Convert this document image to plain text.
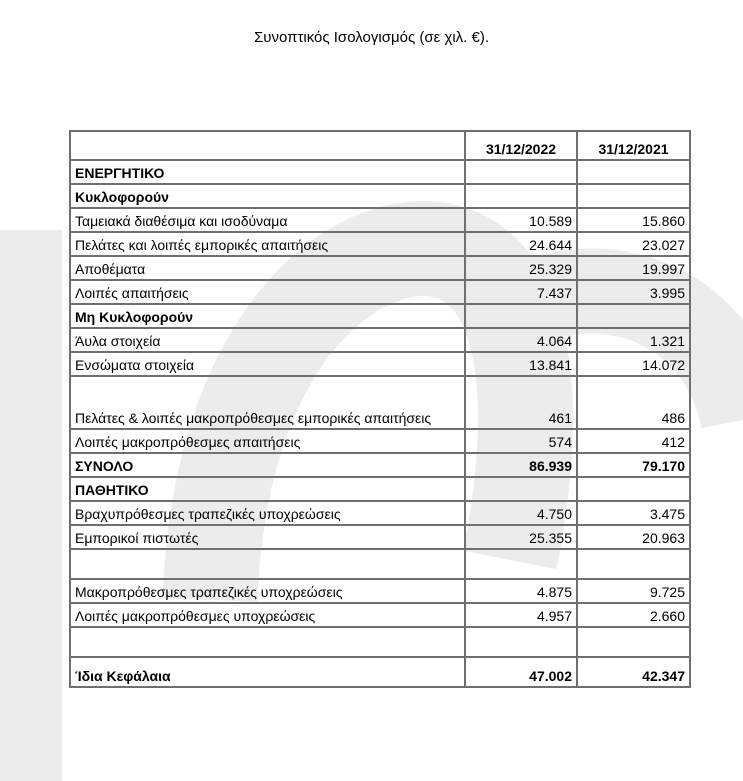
Συνοπτικός Ισολογισμός (σε χιλ. €).
	31/12/2022	31/12/2021
ΕΝΕΡΓΗΤΙΚΟ		
Κυκλοφορούν		
Ταμειακά διαθέσιμα και ισοδύναμα	10.589	15.860
Πελάτες και λοιπές εμπορικές απαιτήσεις	24.644	23.027
Αποθέματα	25.329	19.997
Λοιπές απαιτήσεις	7.437	3.995
Μη Κυκλοφορούν		
Άυλα στοιχεία	4.064	1.321
Ενσώματα στοιχεία	13.841	14.072
Πελάτες & λοιπές μακροπρόθεσμες εμπορικές απαιτήσεις	461	486
Λοιπές μακροπρόθεσμες απαιτήσεις	574	412
ΣΥΝΟΛΟ	86.939	79.170
ΠΑΘΗΤΙΚΟ		
Βραχυπρόθεσμες τραπεζικές υποχρεώσεις	4.750	3.475
Εμπορικοί πιστωτές	25.355	20.963

Μακροπρόθεσμες τραπεζικές υποχρεώσεις	4.875	9.725
Λοιπές μακροπρόθεσμες υποχρεώσεις	4.957	2.660

Ίδια Κεφάλαια	47.002	42.347
